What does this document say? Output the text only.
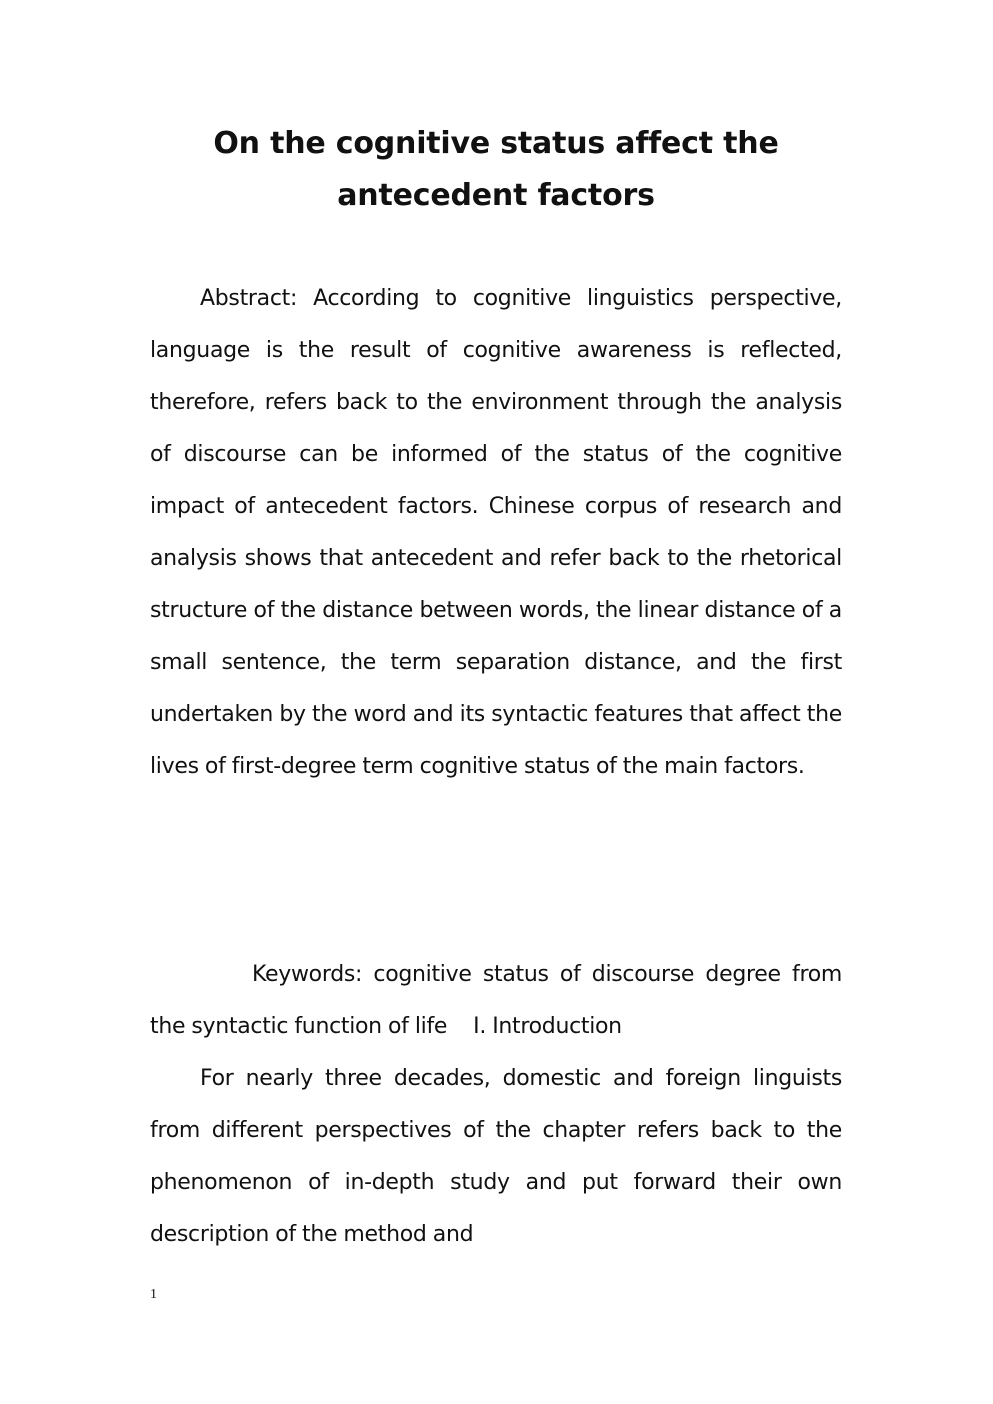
On the cognitive status affect the
antecedent factors

Abstract: According to cognitive linguistics perspective, language is the result of cognitive awareness is reflected, therefore, refers back to the environment through the analysis of discourse can be informed of the status of the cognitive impact of antecedent factors. Chinese corpus of research and analysis shows that antecedent and refer back to the rhetorical structure of the distance between words, the linear distance of a small sentence, the term separation distance, and the first undertaken by the word and its syntactic features that affect the lives of first-degree term cognitive status of the main factors.

Keywords: cognitive status of discourse degree from the syntactic function of life I. Introduction

For nearly three decades, domestic and foreign linguists from different perspectives of the chapter refers back to the phenomenon of in-depth study and put forward their own description of the method and

1
